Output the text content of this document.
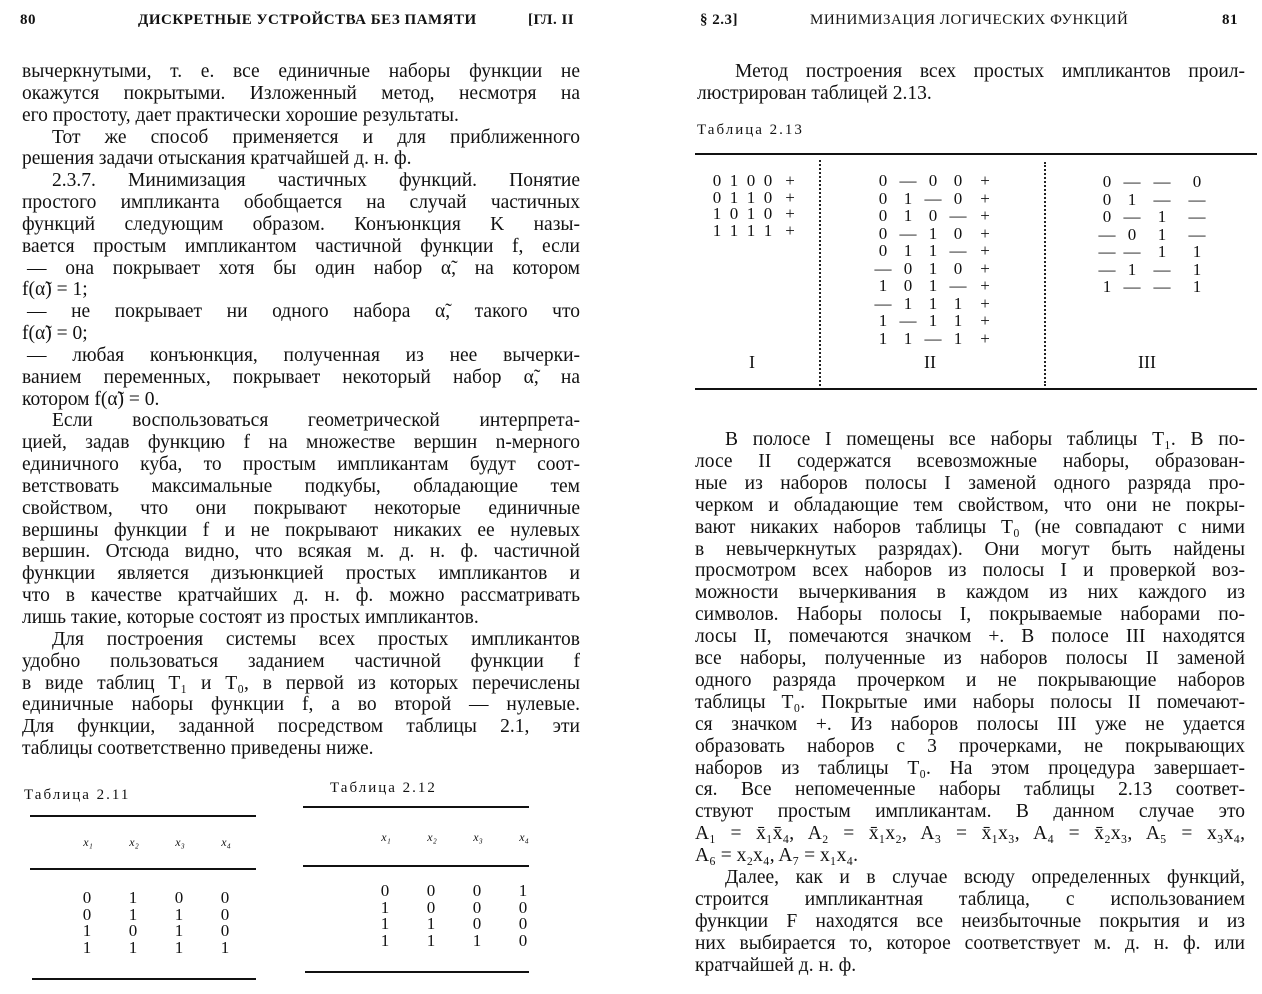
80	ДИСКРЕТНЫЕ УСТРОЙСТВА БЕЗ ПАМЯТИ	[ГЛ. II	§ 2.3]	МИНИМИЗАЦИЯ ЛОГИЧЕСКИХ ФУНКЦИЙ	81
вычеркнутыми, т. е. все единичные наборы функции не
окажутся покрытыми. Изложенный метод, несмотря на
его простоту, дает практически хорошие результаты.
Тот же способ применяется и для приближенного
решения задачи отыскания кратчайшей д. н. ф.
2.3.7. Минимизация частичных функций. Понятие
простого импликанта обобщается на случай частичных
функций следующим образом. Конъюнкция K назы-
вается простым импликантом частичной функции f, если
— она покрывает хотя бы один набор α̃, на котором
f(α̃) = 1;
— не покрывает ни одного набора α̃, такого что
f(α̃) = 0;
— любая конъюнкция, полученная из нее вычерки-
ванием переменных, покрывает некоторый набор α̃, на
котором f(α̃) = 0.
Если воспользоваться геометрической интерпрета-
цией, задав функцию f на множестве вершин n-мерного
единичного куба, то простым импликантам будут соот-
ветствовать максимальные подкубы, обладающие тем
свойством, что они покрывают некоторые единичные
вершины функции f и не покрывают никаких ее нулевых
вершин. Отсюда видно, что всякая м. д. н. ф. частичной
функции является дизъюнкцией простых импликантов и
что в качестве кратчайших д. н. ф. можно рассматривать
лишь такие, которые состоят из простых импликантов.
Для построения системы всех простых импликантов
удобно пользоваться заданием частичной функции f
в виде таблиц T₁ и T₀, в первой из которых перечислены
единичные наборы функции f, а во второй — нулевые.
Для функции, заданной посредством таблицы 2.1, эти
таблицы соответственно приведены ниже.
Метод построения всех простых импликантов проил-
люстрирован таблицей 2.13.
В полосе I помещены все наборы таблицы T₁. В по-
лосе II содержатся всевозможные наборы, образован-
ные из наборов полосы I заменой одного разряда про-
черком и обладающие тем свойством, что они не покры-
вают никаких наборов таблицы T₀ (не совпадают с ними
в невычеркнутых разрядах). Они могут быть найдены
просмотром всех наборов из полосы I и проверкой воз-
можности вычеркивания в каждом из них каждого из
символов. Наборы полосы I, покрываемые наборами по-
лосы II, помечаются значком +. В полосе III находятся
все наборы, полученные из наборов полосы II заменой
одного разряда прочерком и не покрывающие наборов
таблицы T₀. Покрытые ими наборы полосы II помечают-
ся значком +. Из наборов полосы III уже не удается
образовать наборов с 3 прочерками, не покрывающих
наборов из таблицы T₀. На этом процедура завершает-
ся. Все непомеченные наборы таблицы 2.13 соответ-
ствуют простым импликантам. В данном случае это
A₁ = x̄₁x̄₄, A₂ = x̄₁x₂, A₃ = x̄₁x₃, A₄ = x̄₂x₃, A₅ = x₃x₄,
A₆ = x₂x₄, A₇ = x₁x₄.
Далее, как и в случае всюду определенных функций,
строится импликантная таблица, с использованием
функции F находятся все неизбыточные покрытия и из
них выбирается то, которое соответствует м. д. н. ф. или
кратчайшей д. н. ф.
Таблица 2.11
x₁	x₂	x₃	x₄
0	1	0	0
0	1	1	0
1	0	1	0
1	1	1	1
Таблица 2.12
x₁	x₂	x₃	x₄
0	0	0	1
1	0	0	0
1	1	0	0
1	1	1	0
Таблица 2.13
0 1 0 0 +
0 1 1 0 +
1 0 1 0 +
1 1 1 1 +
I
0 — 0 0	+
0 1 — 0	+
0 1 0 — +
0 — 1 0	+
0 1 1 — +
— 0 1 0	+
1 0 1 — +
— 1 1 1	+
1 — 1 1	+
1 1 — 1	+
II
0 — —	0
0 1	— —
0 —	1	—
— 0	1	—
— —	1	1
— 1	—	1
1 — —	1
III
